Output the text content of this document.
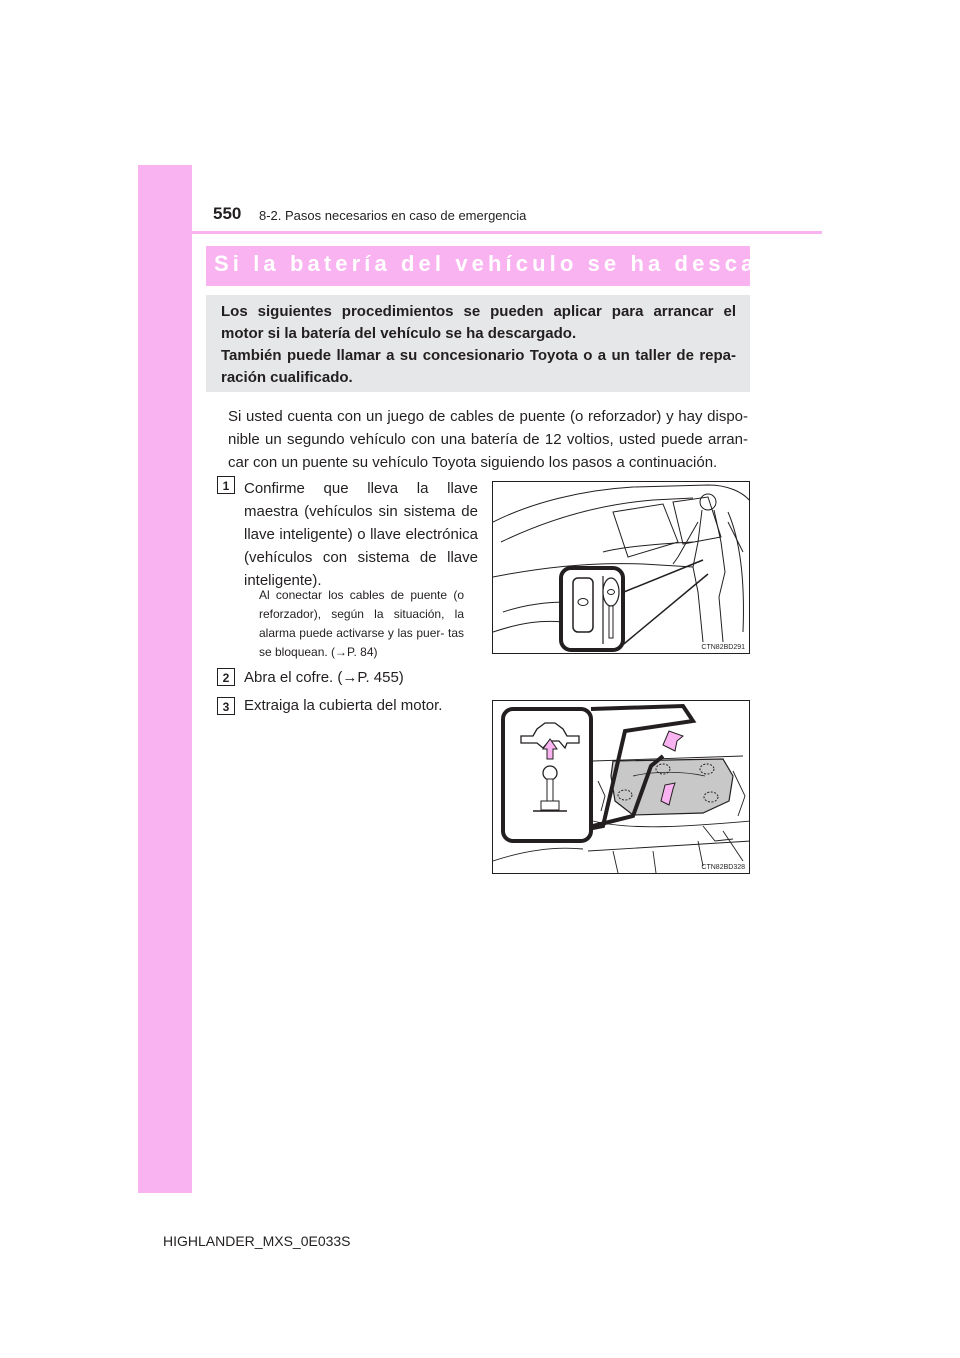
550 8-2. Pasos necesarios en caso de emergencia
Si la batería del vehículo se ha descargado
Los siguientes procedimientos se pueden aplicar para arrancar el
motor si la batería del vehículo se ha descargado.
También puede llamar a su concesionario Toyota o a un taller de repa-
ración cualificado.
Si usted cuenta con un juego de cables de puente (o reforzador) y hay dispo- nible un segundo vehículo con una batería de 12 voltios, usted puede arran- car con un puente su vehículo Toyota siguiendo los pasos a continuación.
1 Confirme que lleva la llave maestra (vehículos sin sistema de llave inteligente) o llave electrónica (vehículos con sistema de llave inteligente).
Al conectar los cables de puente (o reforzador), según la situación, la alarma puede activarse y las puer- tas se bloquean. (→P. 84)
2 Abra el cofre. (→P. 455)
3 Extraiga la cubierta del motor.
CTN82BD291
CTN82BD328
HIGHLANDER_MXS_0E033S
